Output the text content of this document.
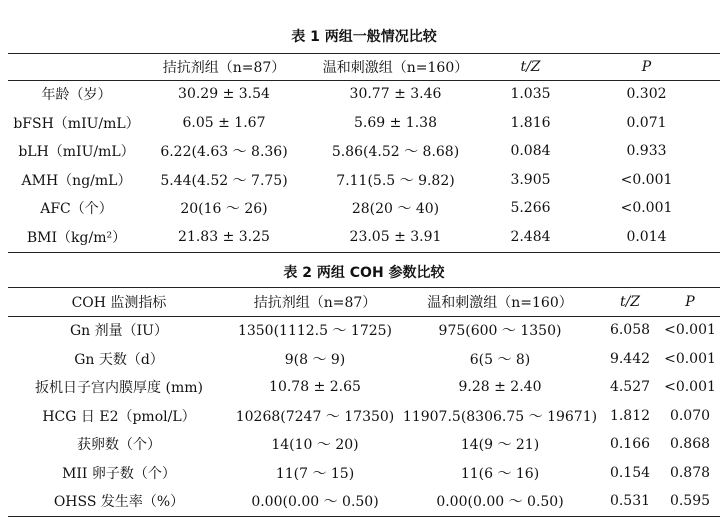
表 1 两组一般情况比较
	拮抗剂组（n=87）	温和刺激组（n=160）	t/Z	P
年龄（岁）	30.29 ± 3.54	30.77 ± 3.46	1.035	0.302
bFSH（mIU/mL）	6.05 ± 1.67	5.69 ± 1.38	1.816	0.071
bLH（mIU/mL）	6.22(4.63 ～ 8.36)	5.86(4.52 ～ 8.68)	0.084	0.933
AMH（ng/mL）	5.44(4.52 ～ 7.75)	7.11(5.5 ～ 9.82)	3.905	<0.001
AFC（个）	20(16 ～ 26)	28(20 ～ 40)	5.266	<0.001
BMI（kg/m²）	21.83 ± 3.25	23.05 ± 3.91	2.484	0.014
表 2 两组 COH 参数比较
COH 监测指标	拮抗剂组（n=87）	温和刺激组（n=160）	t/Z	P
Gn 剂量（IU）	1350(1112.5 ～ 1725)	975(600 ～ 1350)	6.058	<0.001
Gn 天数（d）	9(8 ～ 9)	6(5 ～ 8)	9.442	<0.001
扳机日子宫内膜厚度 (mm)	10.78 ± 2.65	9.28 ± 2.40	4.527	<0.001
HCG 日 E2（pmol/L）	10268(7247 ～ 17350)	11907.5(8306.75 ～ 19671)	1.812	0.070
获卵数（个）	14(10 ～ 20)	14(9 ～ 21)	0.166	0.868
MII 卵子数（个）	11(7 ～ 15)	11(6 ～ 16)	0.154	0.878
OHSS 发生率（%）	0.00(0.00 ～ 0.50)	0.00(0.00 ～ 0.50)	0.531	0.595
